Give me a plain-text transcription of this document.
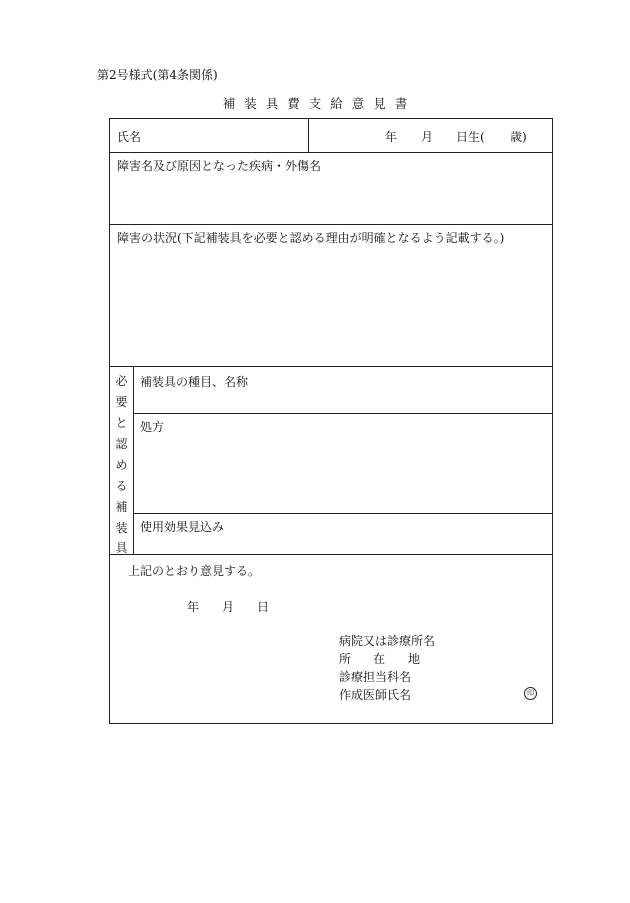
第2号様式(第4条関係)
補装具費支給意見書
氏名	年 月 日生( 歳)
障害名及び原因となった疾病・外傷名
障害の状況(下記補装具を必要と認める理由が明確となるよう記載する。)
必
要
と
認
め
る
補
装
具
補装具の種目、名称
処方
使用効果見込み
上記のとおり意見する。
年 月 日
病院又は診療所名
所 在 地
診療担当科名
作成医師氏名	印
